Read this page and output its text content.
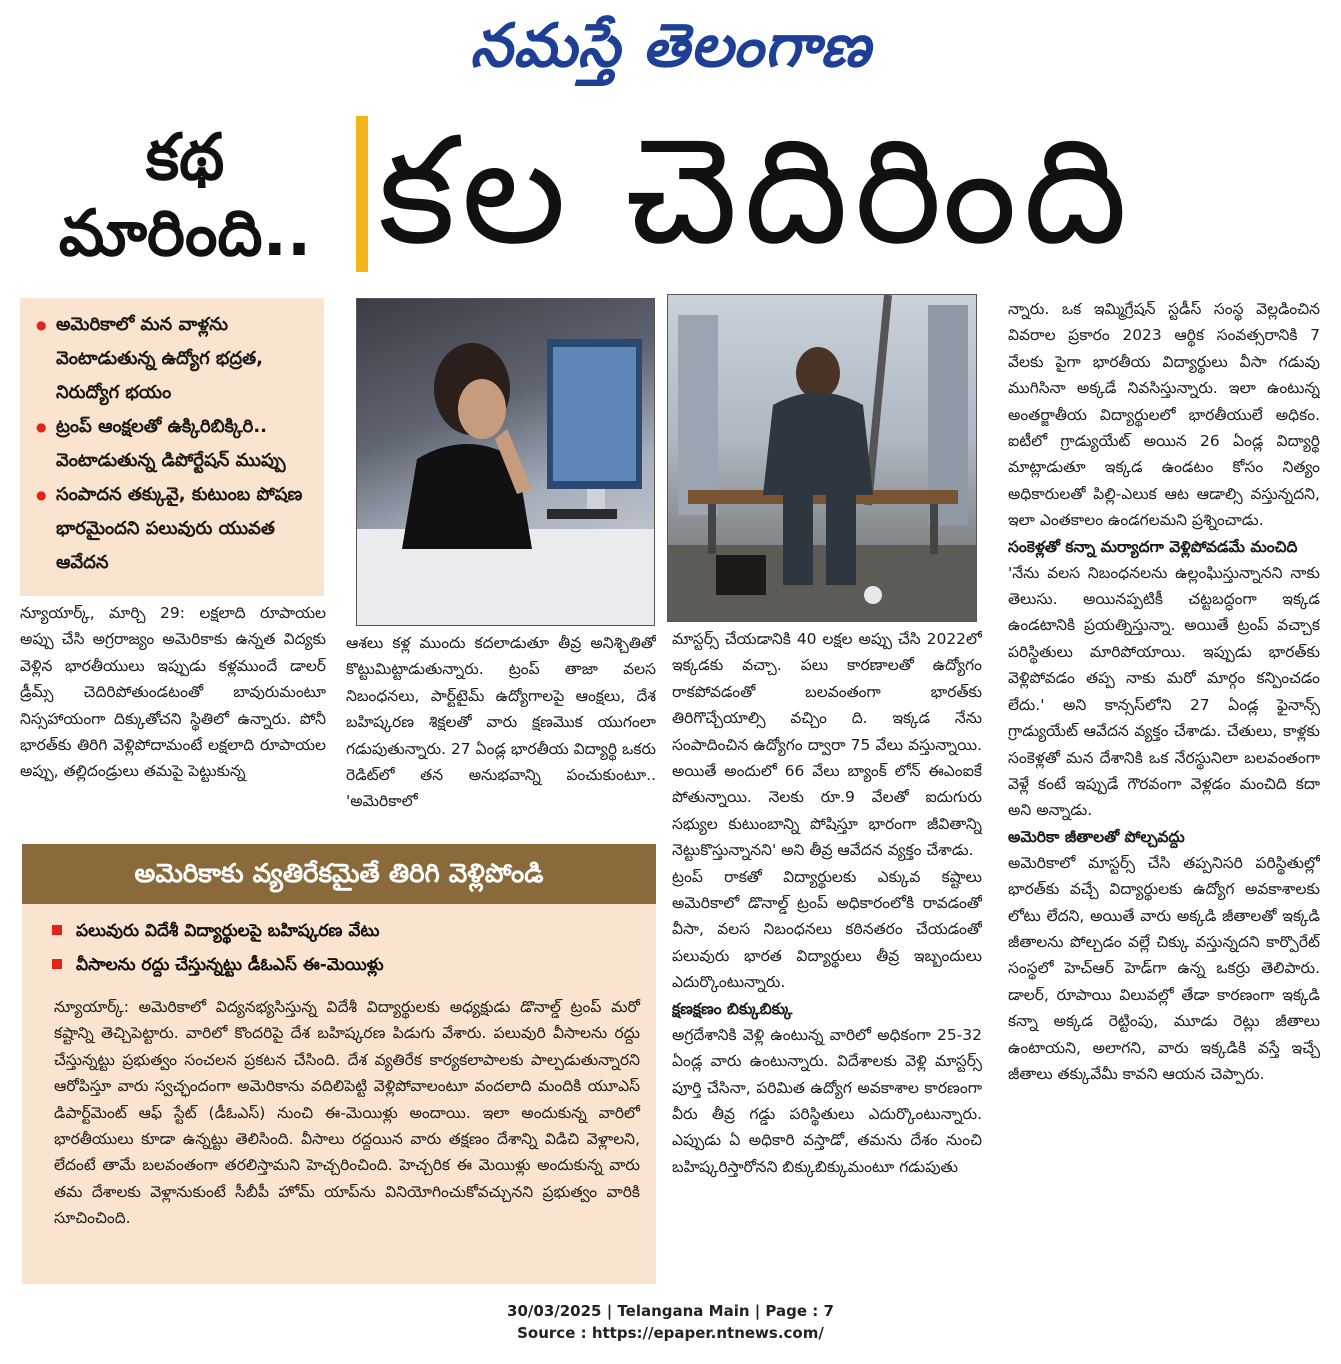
నమస్తే తెలంగాణ
కథ
మారింది.. కల చెదిరింది
● అమెరికాలో మన వాళ్లను వెంటాడుతున్న ఉద్యోగ భద్రత, నిరుద్యోగ భయం
● ట్రంప్ ఆంక్షలతో ఉక్కిరిబిక్కిరి.. వెంటాడుతున్న డిపోర్టేషన్ ముప్పు
● సంపాదన తక్కువై, కుటుంబ పోషణ భారమైందని పలువురు యువత ఆవేదన
న్యూయార్క్, మార్చి 29: లక్షలాది రూపాయల అప్పు చేసి అగ్రరాజ్యం అమెరికాకు ఉన్నత విద్యకు వెళ్లిన భారతీయులు ఇప్పుడు కళ్లముందే డాలర్ డ్రీమ్స్ చెదిరిపోతుండటంతో బావురుమంటూ నిస్సహాయంగా దిక్కుతోచని స్థితిలో ఉన్నారు. పోనీ భారత్‌కు తిరిగి వెళ్లిపోదామంటే లక్షలాది రూపాయల అప్పు, తల్లిదండ్రులు తమపై పెట్టుకున్న
ఆశలు కళ్ల ముందు కదలాడుతూ తీవ్ర అనిశ్చితితో కొట్టుమిట్టాడుతున్నారు. ట్రంప్ తాజా వలస నిబంధనలు, పార్ట్‌టైమ్ ఉద్యోగాలపై ఆంక్షలు, దేశ బహిష్కరణ శిక్షలతో వారు క్షణమొక యుగంలా గడుపుతున్నారు. 27 ఏండ్ల భారతీయ విద్యార్థి ఒకరు రెడిట్‌లో తన అనుభవాన్ని పంచుకుంటూ.. 'అమెరికాలో

మాస్టర్స్ చేయడానికి 40 లక్షల అప్పు చేసి 2022లో ఇక్కడకు వచ్చా. పలు కారణాలతో ఉద్యోగం రాకపోవడంతో బలవంతంగా భారత్‌కు తిరిగొచ్చేయాల్సి వచ్చిం ది. ఇక్కడ నేను సంపాదించిన ఉద్యోగం ద్వారా 75 వేలు వస్తున్నాయి. అయితే అందులో 66 వేలు బ్యాంక్ లోన్ ఈఎంఐకే పోతున్నాయి. నెలకు రూ.9 వేలతో ఐదుగురు సభ్యుల కుటుంబాన్ని పోషిస్తూ భారంగా జీవితాన్ని నెట్టుకొస్తున్నానని' అని తీవ్ర ఆవేదన వ్యక్తం చేశాడు.

ట్రంప్ రాకతో విద్యార్థులకు ఎక్కువ కష్టాలు అమెరికాలో డొనాల్డ్ ట్రంప్ అధికారంలోకి రావడంతో వీసా, వలస నిబంధనలు కఠినతరం చేయడంతో పలువురు భారత విద్యార్థులు తీవ్ర ఇబ్బందులు ఎదుర్కొంటున్నారు.

క్షణక్షణం బిక్కుబిక్కు

అగ్రదేశానికి వెళ్లి ఉంటున్న వారిలో అధికంగా 25-32 ఏండ్ల వారు ఉంటున్నారు. విదేశాలకు వెళ్లి మాస్టర్స్ పూర్తి చేసినా, పరిమిత ఉద్యోగ అవకాశాల కారణంగా వీరు తీవ్ర గడ్డు పరిస్థితులు ఎదుర్కొంటున్నారు. ఎప్పుడు ఏ అధికారి వస్తాడో, తమను దేశం నుంచి బహిష్కరిస్తారోనని బిక్కుబిక్కుమంటూ గడుపుతు

న్నారు. ఒక ఇమ్మిగ్రేషన్ స్టడీస్ సంస్థ వెల్లడించిన వివరాల ప్రకారం 2023 ఆర్థిక సంవత్సరానికి 7 వేలకు పైగా భారతీయ విద్యార్థులు వీసా గడువు ముగిసినా అక్కడే నివసిస్తున్నారు. ఇలా ఉంటున్న అంతర్జాతీయ విద్యార్థులలో భారతీయులే అధికం. ఐటీలో గ్రాడ్యుయేట్ అయిన 26 ఏండ్ల విద్యార్థి మాట్లాడుతూ ఇక్కడ ఉండటం కోసం నిత్యం అధికారులతో పిల్లి-ఎలుక ఆట ఆడాల్సి వస్తున్నదని, ఇలా ఎంతకాలం ఉండగలమని ప్రశ్నించాడు.

సంకెళ్లతో కన్నా మర్యాదగా వెళ్లిపోవడమే మంచిది

'నేను వలస నిబంధనలను ఉల్లంఘిస్తున్నానని నాకు తెలుసు. అయినప్పటికీ చట్టబద్ధంగా ఇక్కడ ఉండటానికి ప్రయత్నిస్తున్నా. అయితే ట్రంప్ వచ్చాక పరిస్థితులు మారిపోయాయి. ఇప్పుడు భారత్‌కు వెళ్లిపోవడం తప్ప నాకు మరో మార్గం కన్పించడం లేదు.' అని కాన్సస్‌లోని 27 ఏండ్ల ఫైనాన్స్ గ్రాడ్యుయేట్ ఆవేదన వ్యక్తం చేశాడు. చేతులు, కాళ్లకు సంకెళ్లతో మన దేశానికి ఒక నేరస్థునిలా బలవంతంగా వెళ్లే కంటే ఇప్పుడే గౌరవంగా వెళ్లడం మంచిది కదా అని అన్నాడు.

అమెరికా జీతాలతో పోల్చవద్దు

అమెరికాలో మాస్టర్స్ చేసి తప్పనిసరి పరిస్థితుల్లో భారత్‌కు వచ్చే విద్యార్థులకు ఉద్యోగ అవకాశాలకు లోటు లేదని, అయితే వారు అక్కడి జీతాలతో ఇక్కడి జీతాలను పోల్చడం వల్లే చిక్కు వస్తున్నదని కార్పొరేట్ సంస్థలో హెచ్‌ఆర్ హెడ్‌గా ఉన్న ఒకర్రు తెలిపారు. డాలర్, రూపాయి విలువల్లో తేడా కారణంగా ఇక్కడి కన్నా అక్కడ రెట్టింపు, మూడు రెట్లు జీతాలు ఉంటాయని, అలాగని, వారు ఇక్కడికి వస్తే ఇచ్చే జీతాలు తక్కువేమీ కావని ఆయన చెప్పారు.

అమెరికాకు వ్యతిరేకమైతే తిరిగి వెళ్లిపోండి
పలువురు విదేశీ విద్యార్థులపై బహిష్కరణ వేటు
వీసాలను రద్దు చేస్తున్నట్టు డీఓఎస్ ఈ-మెయిళ్లు
న్యూయార్క్: అమెరికాలో విద్యనభ్యసిస్తున్న విదేశీ విద్యార్థులకు అధ్యక్షుడు డొనాల్డ్ ట్రంప్ మరో కష్టాన్ని తెచ్చిపెట్టారు. వారిలో కొందరిపై దేశ బహిష్కరణ పిడుగు వేశారు. పలువురి వీసాలను రద్దు చేస్తున్నట్టు ప్రభుత్వం సంచలన ప్రకటన చేసింది. దేశ వ్యతిరేక కార్యకలాపాలకు పాల్పడుతున్నారని ఆరోపిస్తూ వారు స్వచ్ఛందంగా అమెరికాను వదిలిపెట్టి వెళ్లిపోవాలంటూ వందలాది మందికి యూఎస్ డిపార్ట్‌మెంట్ ఆఫ్ స్టేట్ (డీఓఎస్) నుంచి ఈ-మెయిళ్లు అందాయి. ఇలా అందుకున్న వారిలో భారతీయులు కూడా ఉన్నట్టు తెలిసింది. వీసాలు రద్దయిన వారు తక్షణం దేశాన్ని విడిచి వెళ్లాలని, లేదంటే తామే బలవంతంగా తరలిస్తామని హెచ్చరించింది. హెచ్చరిక ఈ మెయిళ్లు అందుకున్న వారు తమ దేశాలకు వెళ్లానుకుంటే సీబీపీ హోమ్ యాప్‌ను వినియోగించుకోవచ్చునని ప్రభుత్వం వారికి సూచించింది.
30/03/2025 | Telangana Main | Page : 7
Source : https://epaper.ntnews.com/
